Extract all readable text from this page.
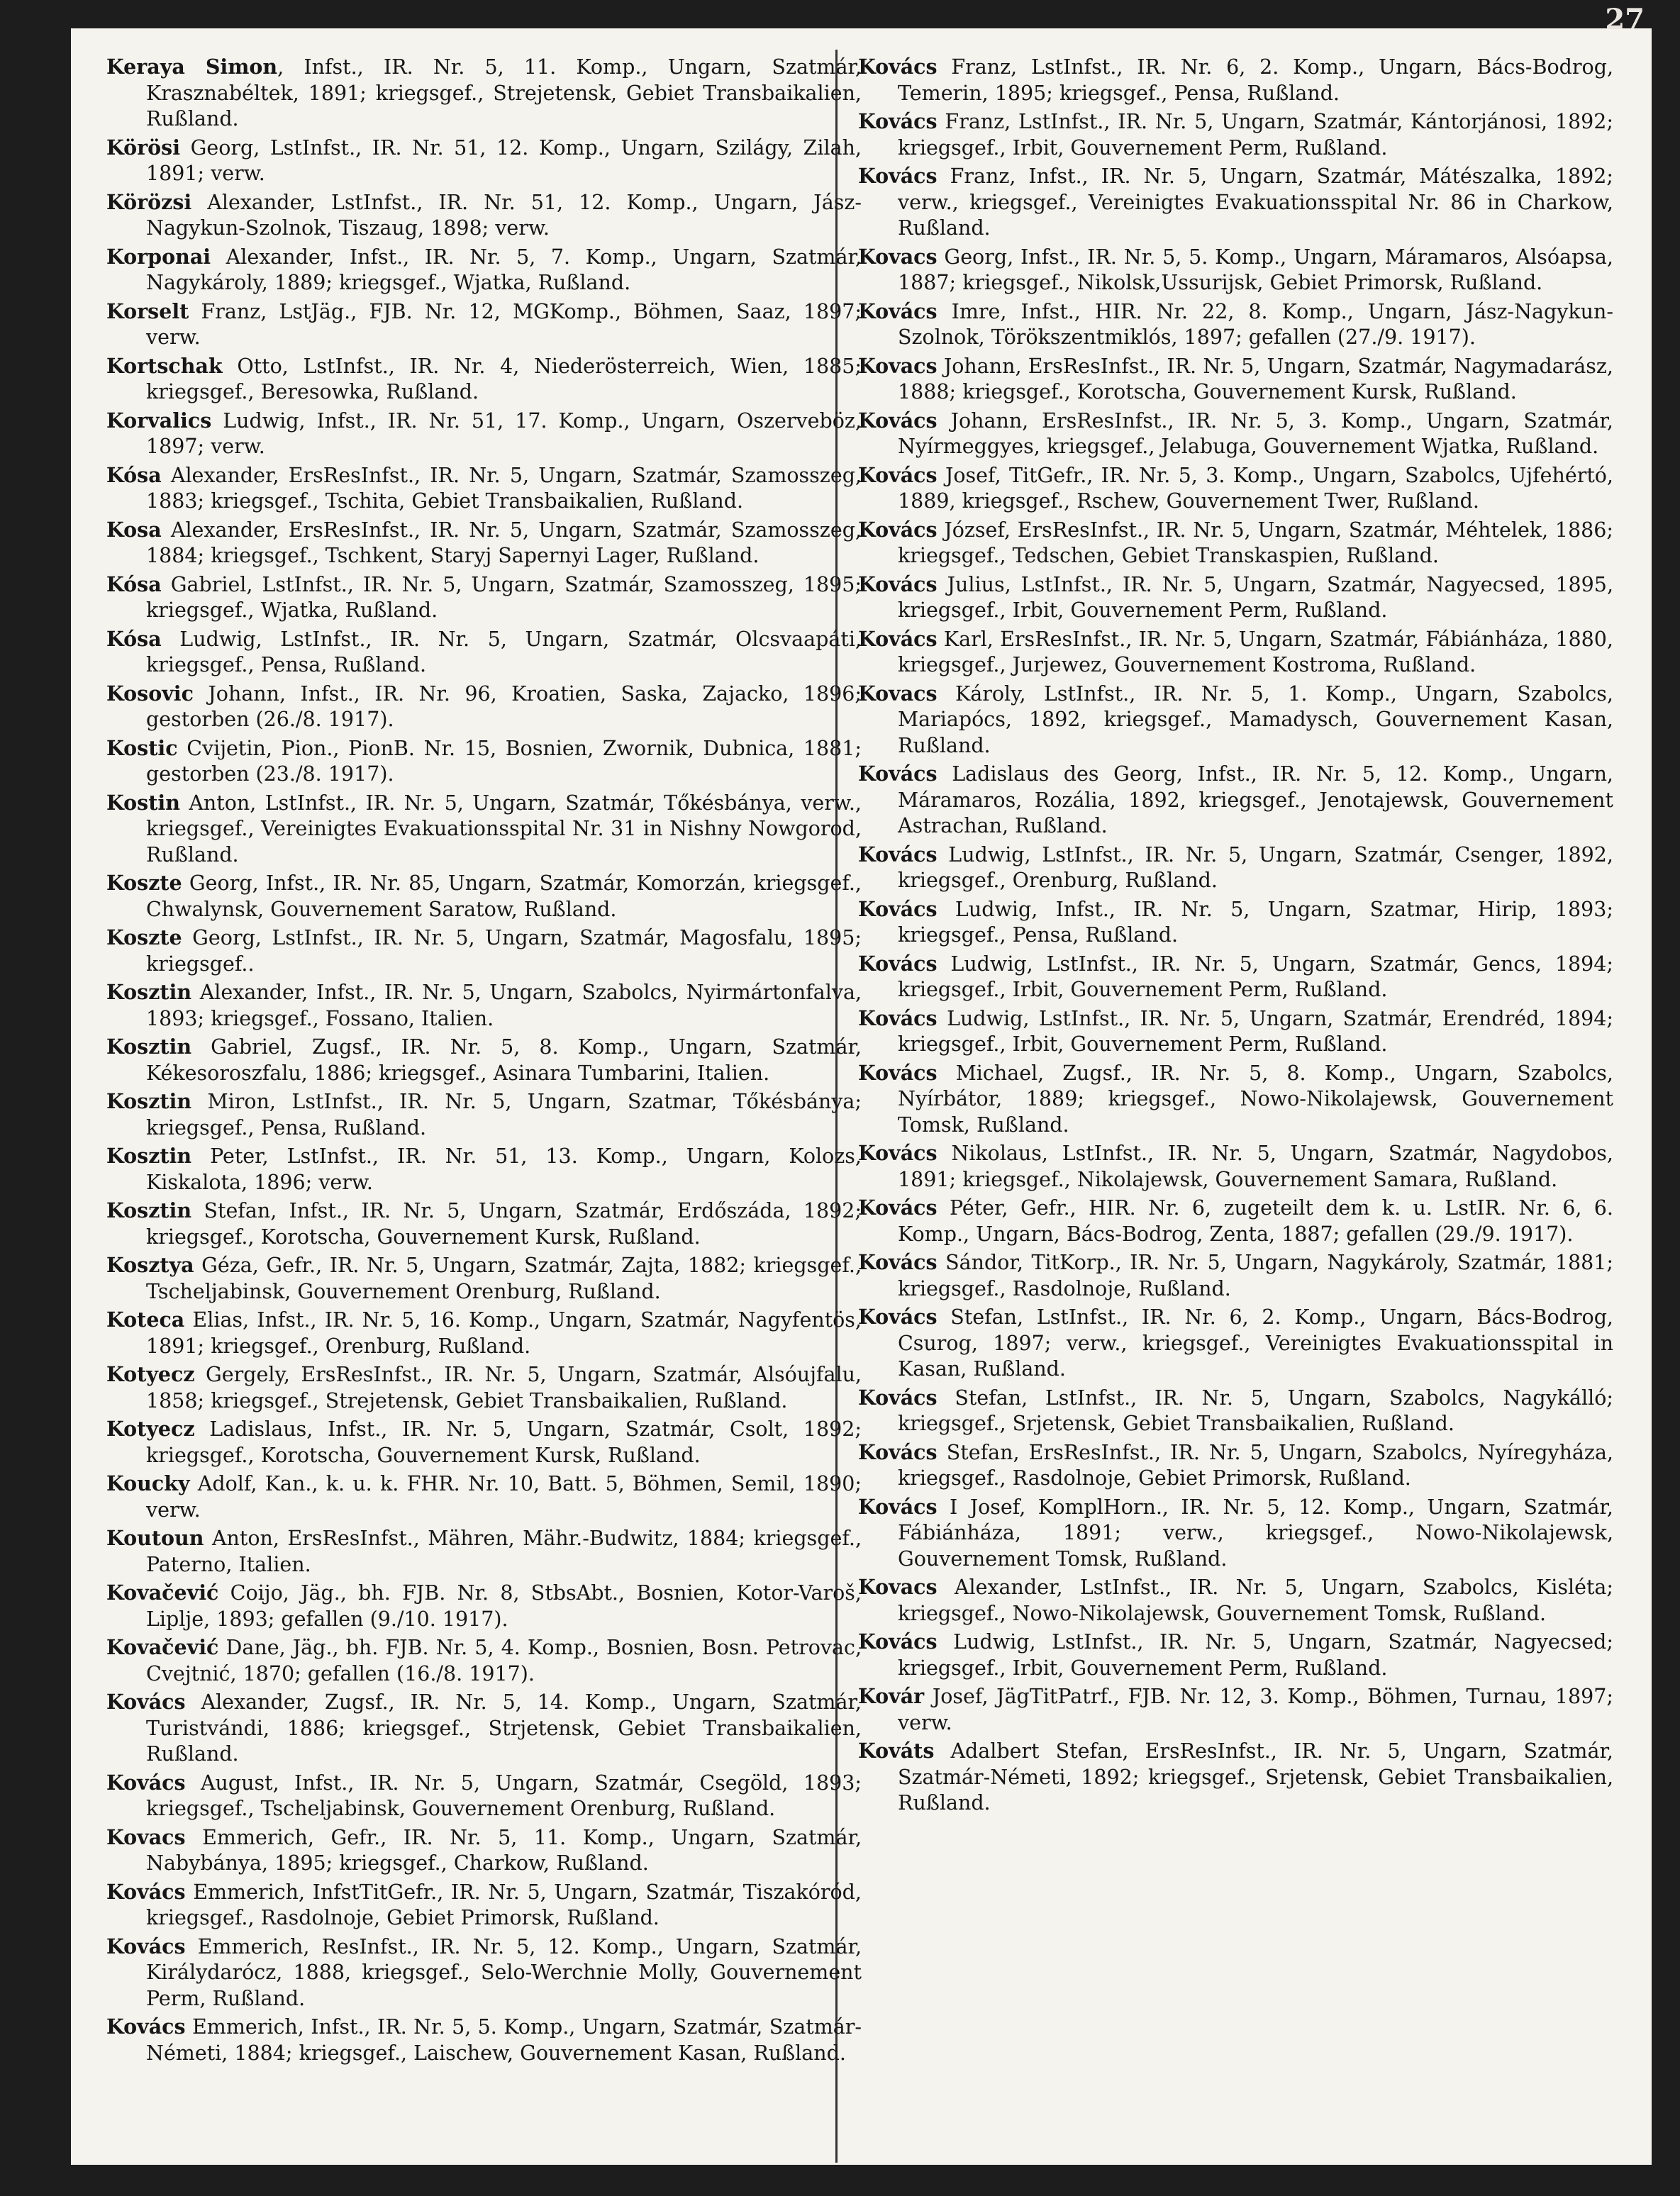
27
Keraya Simon, Infst., IR. Nr. 5, 11. Komp., Ungarn, Szatmár, Krasznabéltek, 1891; kriegsgef., Strejetensk, Gebiet Transbaikalien, Rußland.
Körösi Georg, LstInfst., IR. Nr. 51, 12. Komp., Ungarn, Szilágy, Zilah, 1891; verw.
Körözsi Alexander, LstInfst., IR. Nr. 51, 12. Komp., Ungarn, Jász-Nagykun-Szolnok, Tiszaug, 1898; verw.
Korponai Alexander, Infst., IR. Nr. 5, 7. Komp., Ungarn, Szatmár, Nagykároly, 1889; kriegsgef., Wjatka, Rußland.
Korselt Franz, LstJäg., FJB. Nr. 12, MGKomp., Böhmen, Saaz, 1897; verw.
Kortschak Otto, LstInfst., IR. Nr. 4, Niederösterreich, Wien, 1885; kriegsgef., Beresowka, Rußland.
Korvalics Ludwig, Infst., IR. Nr. 51, 17. Komp., Ungarn, Oszerveböz, 1897; verw.
Kósa Alexander, ErsResInfst., IR. Nr. 5, Ungarn, Szatmár, Szamosszeg, 1883; kriegsgef., Tschita, Gebiet Transbaikalien, Rußland.
Kosa Alexander, ErsResInfst., IR. Nr. 5, Ungarn, Szatmár, Szamosszeg, 1884; kriegsgef., Tschkent, Staryj Sapernyi Lager, Rußland.
Kósa Gabriel, LstInfst., IR. Nr. 5, Ungarn, Szatmár, Szamosszeg, 1895; kriegsgef., Wjatka, Rußland.
Kósa Ludwig, LstInfst., IR. Nr. 5, Ungarn, Szatmár, Olcsvaapáti, kriegsgef., Pensa, Rußland.
Kosovic Johann, Infst., IR. Nr. 96, Kroatien, Saska, Zajacko, 1896; gestorben (26./8. 1917).
Kostic Cvijetin, Pion., PionB. Nr. 15, Bosnien, Zwornik, Dubnica, 1881; gestorben (23./8. 1917).
Kostin Anton, LstInfst., IR. Nr. 5, Ungarn, Szatmár, Tőkésbánya, verw., kriegsgef., Vereinigtes Evakuationsspital Nr. 31 in Nishny Nowgorod, Rußland.
Koszte Georg, Infst., IR. Nr. 85, Ungarn, Szatmár, Komorzán, kriegsgef., Chwalynsk, Gouvernement Saratow, Rußland.
Koszte Georg, LstInfst., IR. Nr. 5, Ungarn, Szatmár, Magosfalu, 1895; kriegsgef..
Kosztin Alexander, Infst., IR. Nr. 5, Ungarn, Szabolcs, Nyirmártonfalva, 1893; kriegsgef., Fossano, Italien.
Kosztin Gabriel, Zugsf., IR. Nr. 5, 8. Komp., Ungarn, Szatmár, Kékesoroszfalu, 1886; kriegsgef., Asinara Tumbarini, Italien.
Kosztin Miron, LstInfst., IR. Nr. 5, Ungarn, Szatmar, Tőkésbánya; kriegsgef., Pensa, Rußland.
Kosztin Peter, LstInfst., IR. Nr. 51, 13. Komp., Ungarn, Kolozs, Kiskalota, 1896; verw.
Kosztin Stefan, Infst., IR. Nr. 5, Ungarn, Szatmár, Erdőszáda, 1892; kriegsgef., Korotscha, Gouvernement Kursk, Rußland.
Kosztya Géza, Gefr., IR. Nr. 5, Ungarn, Szatmár, Zajta, 1882; kriegsgef., Tscheljabinsk, Gouvernement Orenburg, Rußland.
Koteca Elias, Infst., IR. Nr. 5, 16. Komp., Ungarn, Szatmár, Nagyfentös, 1891; kriegsgef., Orenburg, Rußland.
Kotyecz Gergely, ErsResInfst., IR. Nr. 5, Ungarn, Szatmár, Alsóujfalu, 1858; kriegsgef., Strejetensk, Gebiet Transbaikalien, Rußland.
Kotyecz Ladislaus, Infst., IR. Nr. 5, Ungarn, Szatmár, Csolt, 1892; kriegsgef., Korotscha, Gouvernement Kursk, Rußland.
Koucky Adolf, Kan., k. u. k. FHR. Nr. 10, Batt. 5, Böhmen, Semil, 1890; verw.
Koutoun Anton, ErsResInfst., Mähren, Mähr.-Budwitz, 1884; kriegsgef., Paterno, Italien.
Kovačević Coijo, Jäg., bh. FJB. Nr. 8, StbsAbt., Bosnien, Kotor-Varoš, Liplje, 1893; gefallen (9./10. 1917).
Kovačević Dane, Jäg., bh. FJB. Nr. 5, 4. Komp., Bosnien, Bosn. Petrovac, Cvejtnić, 1870; gefallen (16./8. 1917).
Kovács Alexander, Zugsf., IR. Nr. 5, 14. Komp., Ungarn, Szatmár, Turistvándi, 1886; kriegsgef., Strjetensk, Gebiet Transbaikalien, Rußland.
Kovács August, Infst., IR. Nr. 5, Ungarn, Szatmár, Csegöld, 1893; kriegsgef., Tscheljabinsk, Gouvernement Orenburg, Rußland.
Kovacs Emmerich, Gefr., IR. Nr. 5, 11. Komp., Ungarn, Szatmár, Nabybánya, 1895; kriegsgef., Charkow, Rußland.
Kovács Emmerich, InfstTitGefr., IR. Nr. 5, Ungarn, Szatmár, Tiszakóród, kriegsgef., Rasdolnoje, Gebiet Primorsk, Rußland.
Kovács Emmerich, ResInfst., IR. Nr. 5, 12. Komp., Ungarn, Szatmár, Királydarócz, 1888, kriegsgef., Selo-Werchnie Molly, Gouvernement Perm, Rußland.
Kovács Emmerich, Infst., IR. Nr. 5, 5. Komp., Ungarn, Szatmár, Szatmár-Németi, 1884; kriegsgef., Laischew, Gouvernement Kasan, Rußland.
Kovács Franz, LstInfst., IR. Nr. 6, 2. Komp., Ungarn, Bács-Bodrog, Temerin, 1895; kriegsgef., Pensa, Rußland.
Kovács Franz, LstInfst., IR. Nr. 5, Ungarn, Szatmár, Kántorjánosi, 1892; kriegsgef., Irbit, Gouvernement Perm, Rußland.
Kovács Franz, Infst., IR. Nr. 5, Ungarn, Szatmár, Mátészalka, 1892; verw., kriegsgef., Vereinigtes Evakuationsspital Nr. 86 in Charkow, Rußland.
Kovacs Georg, Infst., IR. Nr. 5, 5. Komp., Ungarn, Máramaros, Alsóapsa, 1887; kriegsgef., Nikolsk,Ussurijsk, Gebiet Primorsk, Rußland.
Kovács Imre, Infst., HIR. Nr. 22, 8. Komp., Ungarn, Jász-Nagykun-Szolnok, Törökszentmiklós, 1897; gefallen (27./9. 1917).
Kovacs Johann, ErsResInfst., IR. Nr. 5, Ungarn, Szatmár, Nagymadarász, 1888; kriegsgef., Korotscha, Gouvernement Kursk, Rußland.
Kovács Johann, ErsResInfst., IR. Nr. 5, 3. Komp., Ungarn, Szatmár, Nyírmeggyes, kriegsgef., Jelabuga, Gouvernement Wjatka, Rußland.
Kovács Josef, TitGefr., IR. Nr. 5, 3. Komp., Ungarn, Szabolcs, Ujfehértó, 1889, kriegsgef., Rschew, Gouvernement Twer, Rußland.
Kovács József, ErsResInfst., IR. Nr. 5, Ungarn, Szatmár, Méhtelek, 1886; kriegsgef., Tedschen, Gebiet Transkaspien, Rußland.
Kovács Julius, LstInfst., IR. Nr. 5, Ungarn, Szatmár, Nagyecsed, 1895, kriegsgef., Irbit, Gouvernement Perm, Rußland.
Kovács Karl, ErsResInfst., IR. Nr. 5, Ungarn, Szatmár, Fábiánháza, 1880, kriegsgef., Jurjewez, Gouvernement Kostroma, Rußland.
Kovacs Károly, LstInfst., IR. Nr. 5, 1. Komp., Ungarn, Szabolcs, Mariapócs, 1892, kriegsgef., Mamadysch, Gouvernement Kasan, Rußland.
Kovács Ladislaus des Georg, Infst., IR. Nr. 5, 12. Komp., Ungarn, Máramaros, Rozália, 1892, kriegsgef., Jenotajewsk, Gouvernement Astrachan, Rußland.
Kovács Ludwig, LstInfst., IR. Nr. 5, Ungarn, Szatmár, Csenger, 1892, kriegsgef., Orenburg, Rußland.
Kovács Ludwig, Infst., IR. Nr. 5, Ungarn, Szatmar, Hirip, 1893; kriegsgef., Pensa, Rußland.
Kovács Ludwig, LstInfst., IR. Nr. 5, Ungarn, Szatmár, Gencs, 1894; kriegsgef., Irbit, Gouvernement Perm, Rußland.
Kovács Ludwig, LstInfst., IR. Nr. 5, Ungarn, Szatmár, Erendréd, 1894; kriegsgef., Irbit, Gouvernement Perm, Rußland.
Kovács Michael, Zugsf., IR. Nr. 5, 8. Komp., Ungarn, Szabolcs, Nyírbátor, 1889; kriegsgef., Nowo-Nikolajewsk, Gouvernement Tomsk, Rußland.
Kovács Nikolaus, LstInfst., IR. Nr. 5, Ungarn, Szatmár, Nagydobos, 1891; kriegsgef., Nikolajewsk, Gouvernement Samara, Rußland.
Kovács Péter, Gefr., HIR. Nr. 6, zugeteilt dem k. u. LstIR. Nr. 6, 6. Komp., Ungarn, Bács-Bodrog, Zenta, 1887; gefallen (29./9. 1917).
Kovács Sándor, TitKorp., IR. Nr. 5, Ungarn, Nagykároly, Szatmár, 1881; kriegsgef., Rasdolnoje, Rußland.
Kovács Stefan, LstInfst., IR. Nr. 6, 2. Komp., Ungarn, Bács-Bodrog, Csurog, 1897; verw., kriegsgef., Vereinigtes Evakuationsspital in Kasan, Rußland.
Kovács Stefan, LstInfst., IR. Nr. 5, Ungarn, Szabolcs, Nagykálló; kriegsgef., Srjetensk, Gebiet Transbaikalien, Rußland.
Kovács Stefan, ErsResInfst., IR. Nr. 5, Ungarn, Szabolcs, Nyíregyháza, kriegsgef., Rasdolnoje, Gebiet Primorsk, Rußland.
Kovács I Josef, KomplHorn., IR. Nr. 5, 12. Komp., Ungarn, Szatmár, Fábiánháza, 1891; verw., kriegsgef., Nowo-Nikolajewsk, Gouvernement Tomsk, Rußland.
Kovacs Alexander, LstInfst., IR. Nr. 5, Ungarn, Szabolcs, Kisléta; kriegsgef., Nowo-Nikolajewsk, Gouvernement Tomsk, Rußland.
Kovács Ludwig, LstInfst., IR. Nr. 5, Ungarn, Szatmár, Nagyecsed; kriegsgef., Irbit, Gouvernement Perm, Rußland.
Kovár Josef, JägTitPatrf., FJB. Nr. 12, 3. Komp., Böhmen, Turnau, 1897; verw.
Kováts Adalbert Stefan, ErsResInfst., IR. Nr. 5, Ungarn, Szatmár, Szatmár-Németi, 1892; kriegsgef., Srjetensk, Gebiet Transbaikalien, Rußland.
